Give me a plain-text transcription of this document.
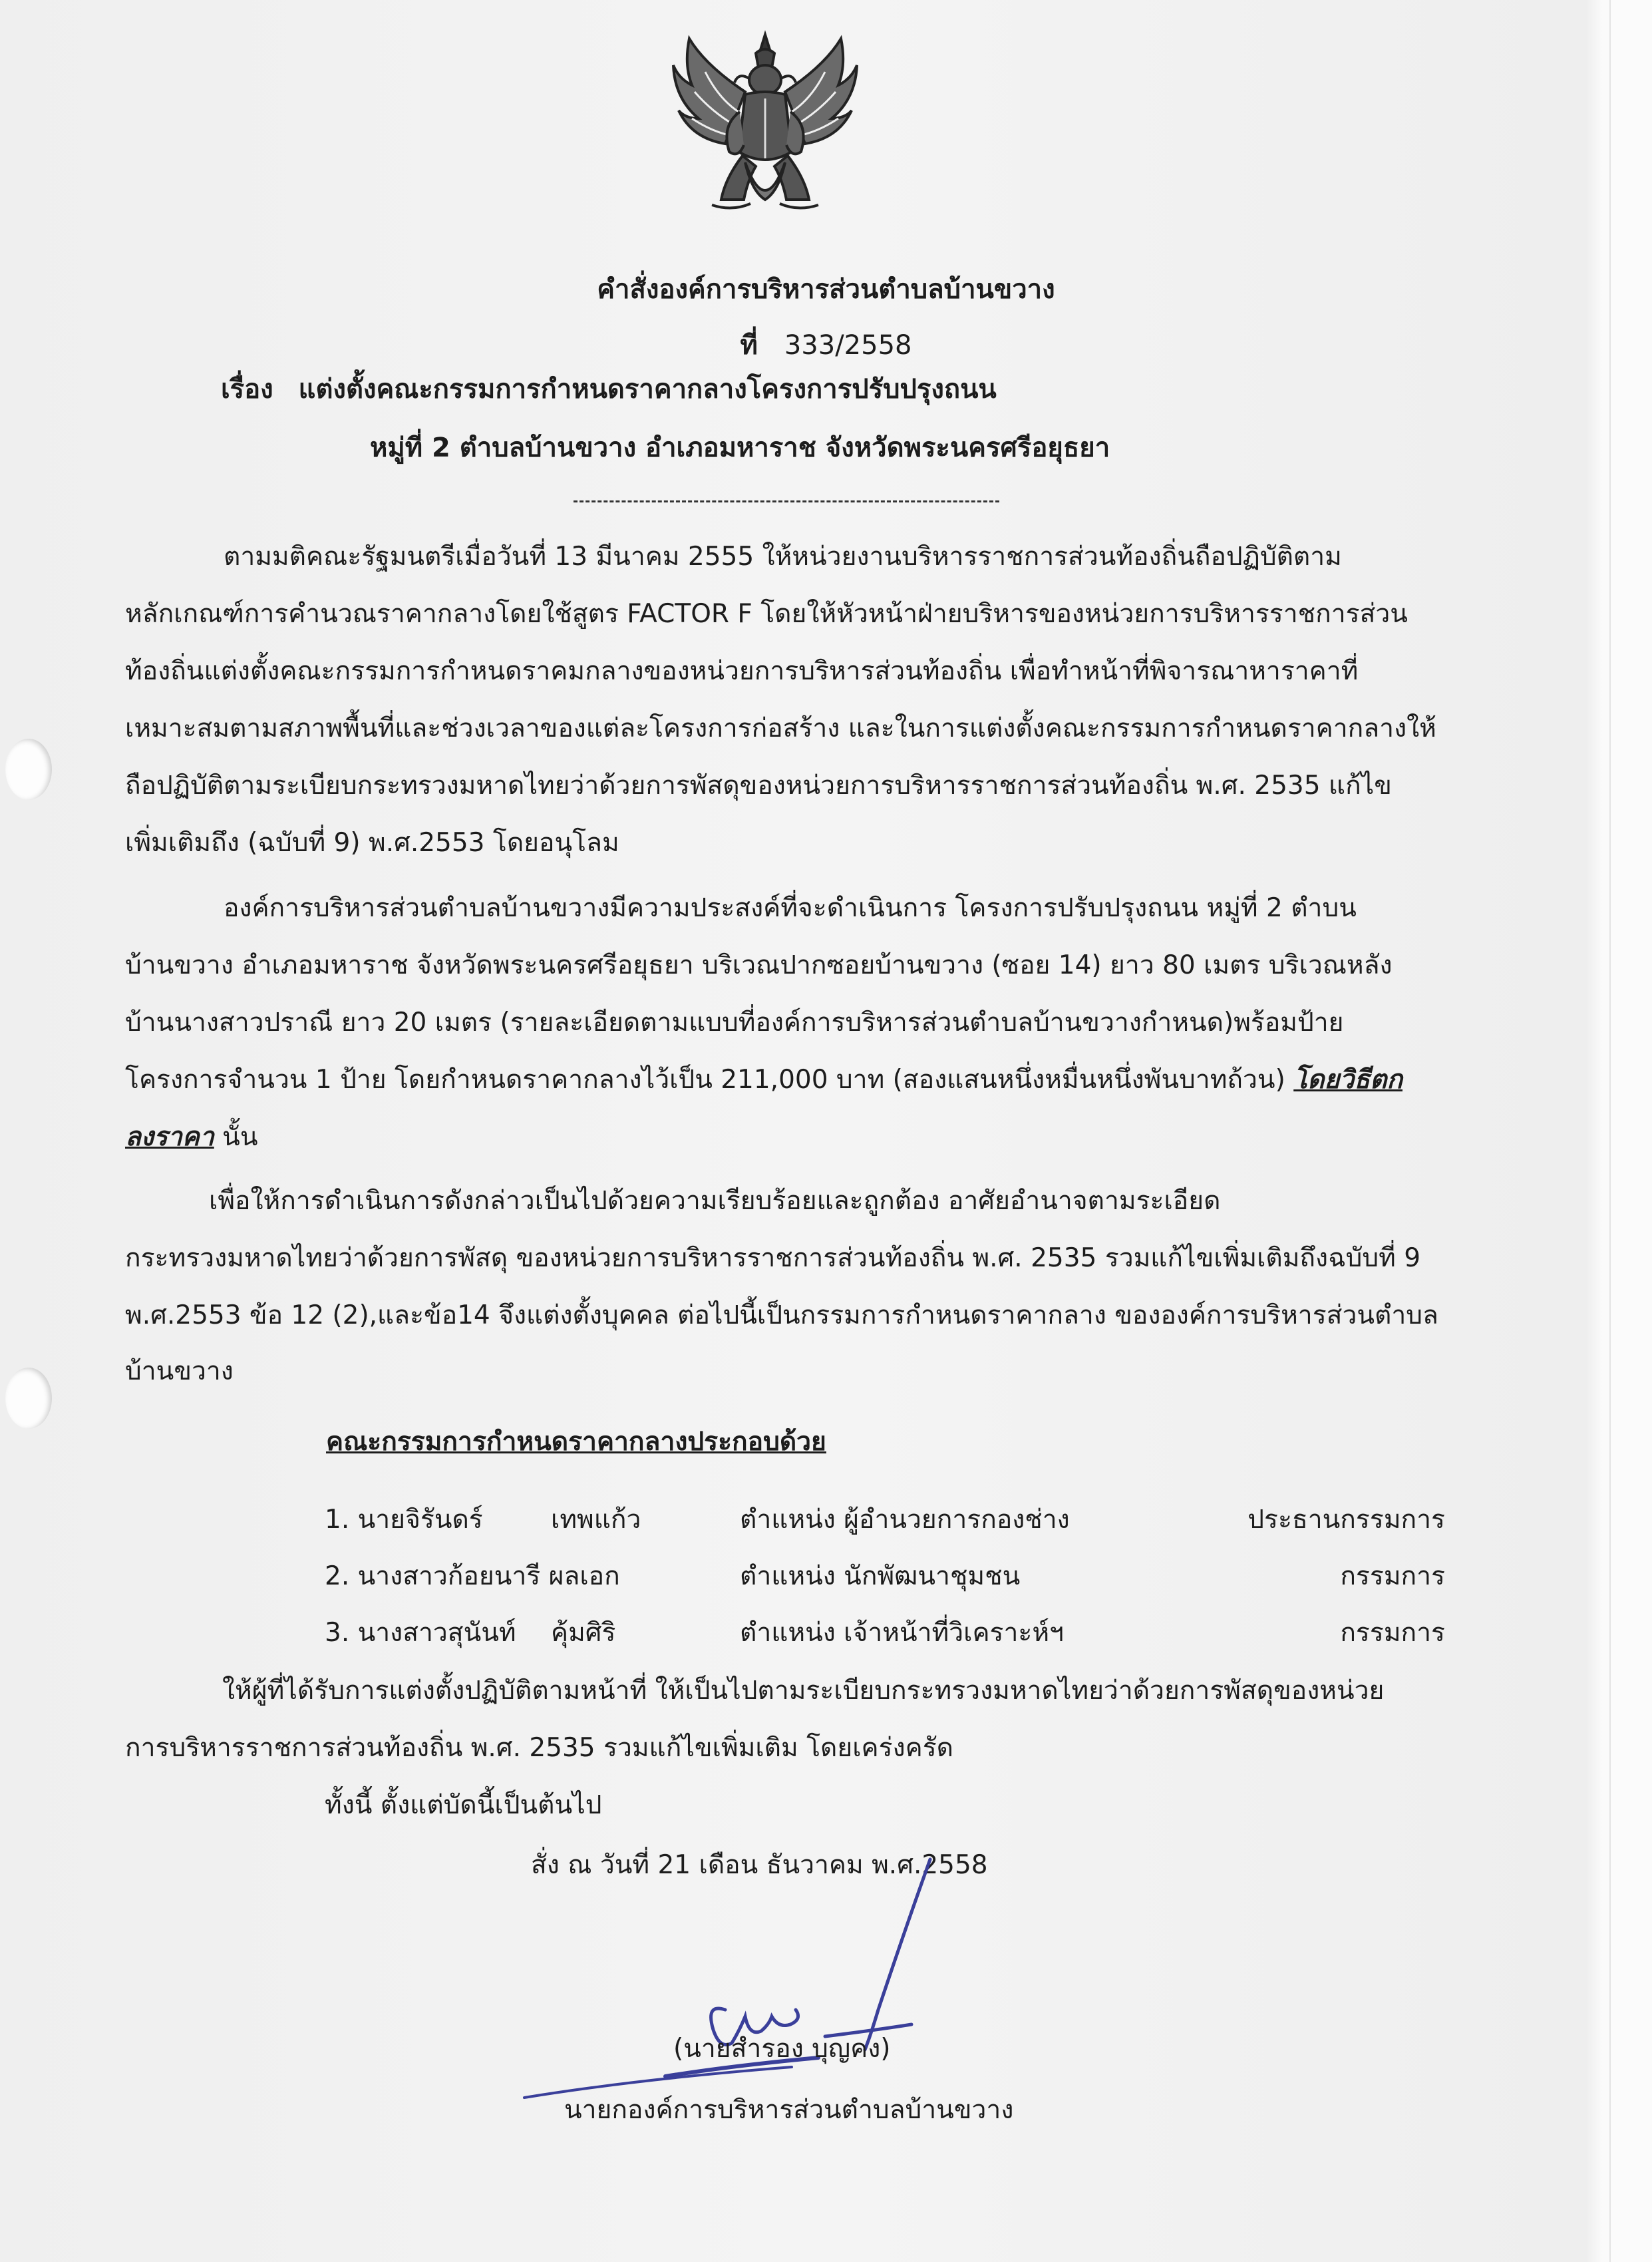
คำสั่งองค์การบริหารส่วนตำบลบ้านขวาง
ที่ 333/2558
เรื่อง แต่งตั้งคณะกรรมการกำหนดราคากลางโครงการปรับปรุงถนน
หมู่ที่ 2 ตำบลบ้านขวาง อำเภอมหาราช จังหวัดพระนครศรีอยุธยา
ตามมติคณะรัฐมนตรีเมื่อวันที่ 13 มีนาคม 2555 ให้หน่วยงานบริหารราชการส่วนท้องถิ่นถือปฏิบัติตาม
หลักเกณฑ์การคำนวณราคากลางโดยใช้สูตร FACTOR F โดยให้หัวหน้าฝ่ายบริหารของหน่วยการบริหารราชการส่วน
ท้องถิ่นแต่งตั้งคณะกรรมการกำหนดราคมกลางของหน่วยการบริหารส่วนท้องถิ่น เพื่อทำหน้าที่พิจารณาหาราคาที่
เหมาะสมตามสภาพพื้นที่และช่วงเวลาของแต่ละโครงการก่อสร้าง และในการแต่งตั้งคณะกรรมการกำหนดราคากลางให้
ถือปฏิบัติตามระเบียบกระทรวงมหาดไทยว่าด้วยการพัสดุของหน่วยการบริหารราชการส่วนท้องถิ่น พ.ศ. 2535 แก้ไข
เพิ่มเติมถึง (ฉบับที่ 9) พ.ศ.2553 โดยอนุโลม
องค์การบริหารส่วนตำบลบ้านขวางมีความประสงค์ที่จะดำเนินการ โครงการปรับปรุงถนน หมู่ที่ 2 ตำบน
บ้านขวาง อำเภอมหาราช จังหวัดพระนครศรีอยุธยา บริเวณปากซอยบ้านขวาง (ซอย 14) ยาว 80 เมตร บริเวณหลัง
บ้านนางสาวปราณี ยาว 20 เมตร (รายละเอียดตามแบบที่องค์การบริหารส่วนตำบลบ้านขวางกำหนด)พร้อมป้าย
โครงการจำนวน 1 ป้าย โดยกำหนดราคากลางไว้เป็น 211,000 บาท (สองแสนหนึ่งหมื่นหนึ่งพันบาทถ้วน) โดยวิธีตก
ลงราคา นั้น
เพื่อให้การดำเนินการดังกล่าวเป็นไปด้วยความเรียบร้อยและถูกต้อง อาศัยอำนาจตามระเอียด
กระทรวงมหาดไทยว่าด้วยการพัสดุ ของหน่วยการบริหารราชการส่วนท้องถิ่น พ.ศ. 2535 รวมแก้ไขเพิ่มเติมถึงฉบับที่ 9
พ.ศ.2553 ข้อ 12 (2),และข้อ14 จึงแต่งตั้งบุคคล ต่อไปนี้เป็นกรรมการกำหนดราคากลาง ขององค์การบริหารส่วนตำบล
บ้านขวาง
คณะกรรมการกำหนดราคากลางประกอบด้วย
1. นายจิรันดร์	เทพแก้ว	ตำแหน่ง ผู้อำนวยการกองช่าง	ประธานกรรมการ
2. นางสาวก้อยนารี ผลเอก		ตำแหน่ง นักพัฒนาชุมชน	กรรมการ
3. นางสาวสุนันท์	คุ้มศิริ	ตำแหน่ง เจ้าหน้าที่วิเคราะห์ฯ	กรรมการ
ให้ผู้ที่ได้รับการแต่งตั้งปฏิบัติตามหน้าที่ ให้เป็นไปตามระเบียบกระทรวงมหาดไทยว่าด้วยการพัสดุของหน่วย
การบริหารราชการส่วนท้องถิ่น พ.ศ. 2535 รวมแก้ไขเพิ่มเติม โดยเคร่งครัด
ทั้งนี้ ตั้งแต่บัดนี้เป็นต้นไป
สั่ง ณ วันที่ 21 เดือน ธันวาคม พ.ศ.2558
(นายสำรอง บุญคง)
นายกองค์การบริหารส่วนตำบลบ้านขวาง
